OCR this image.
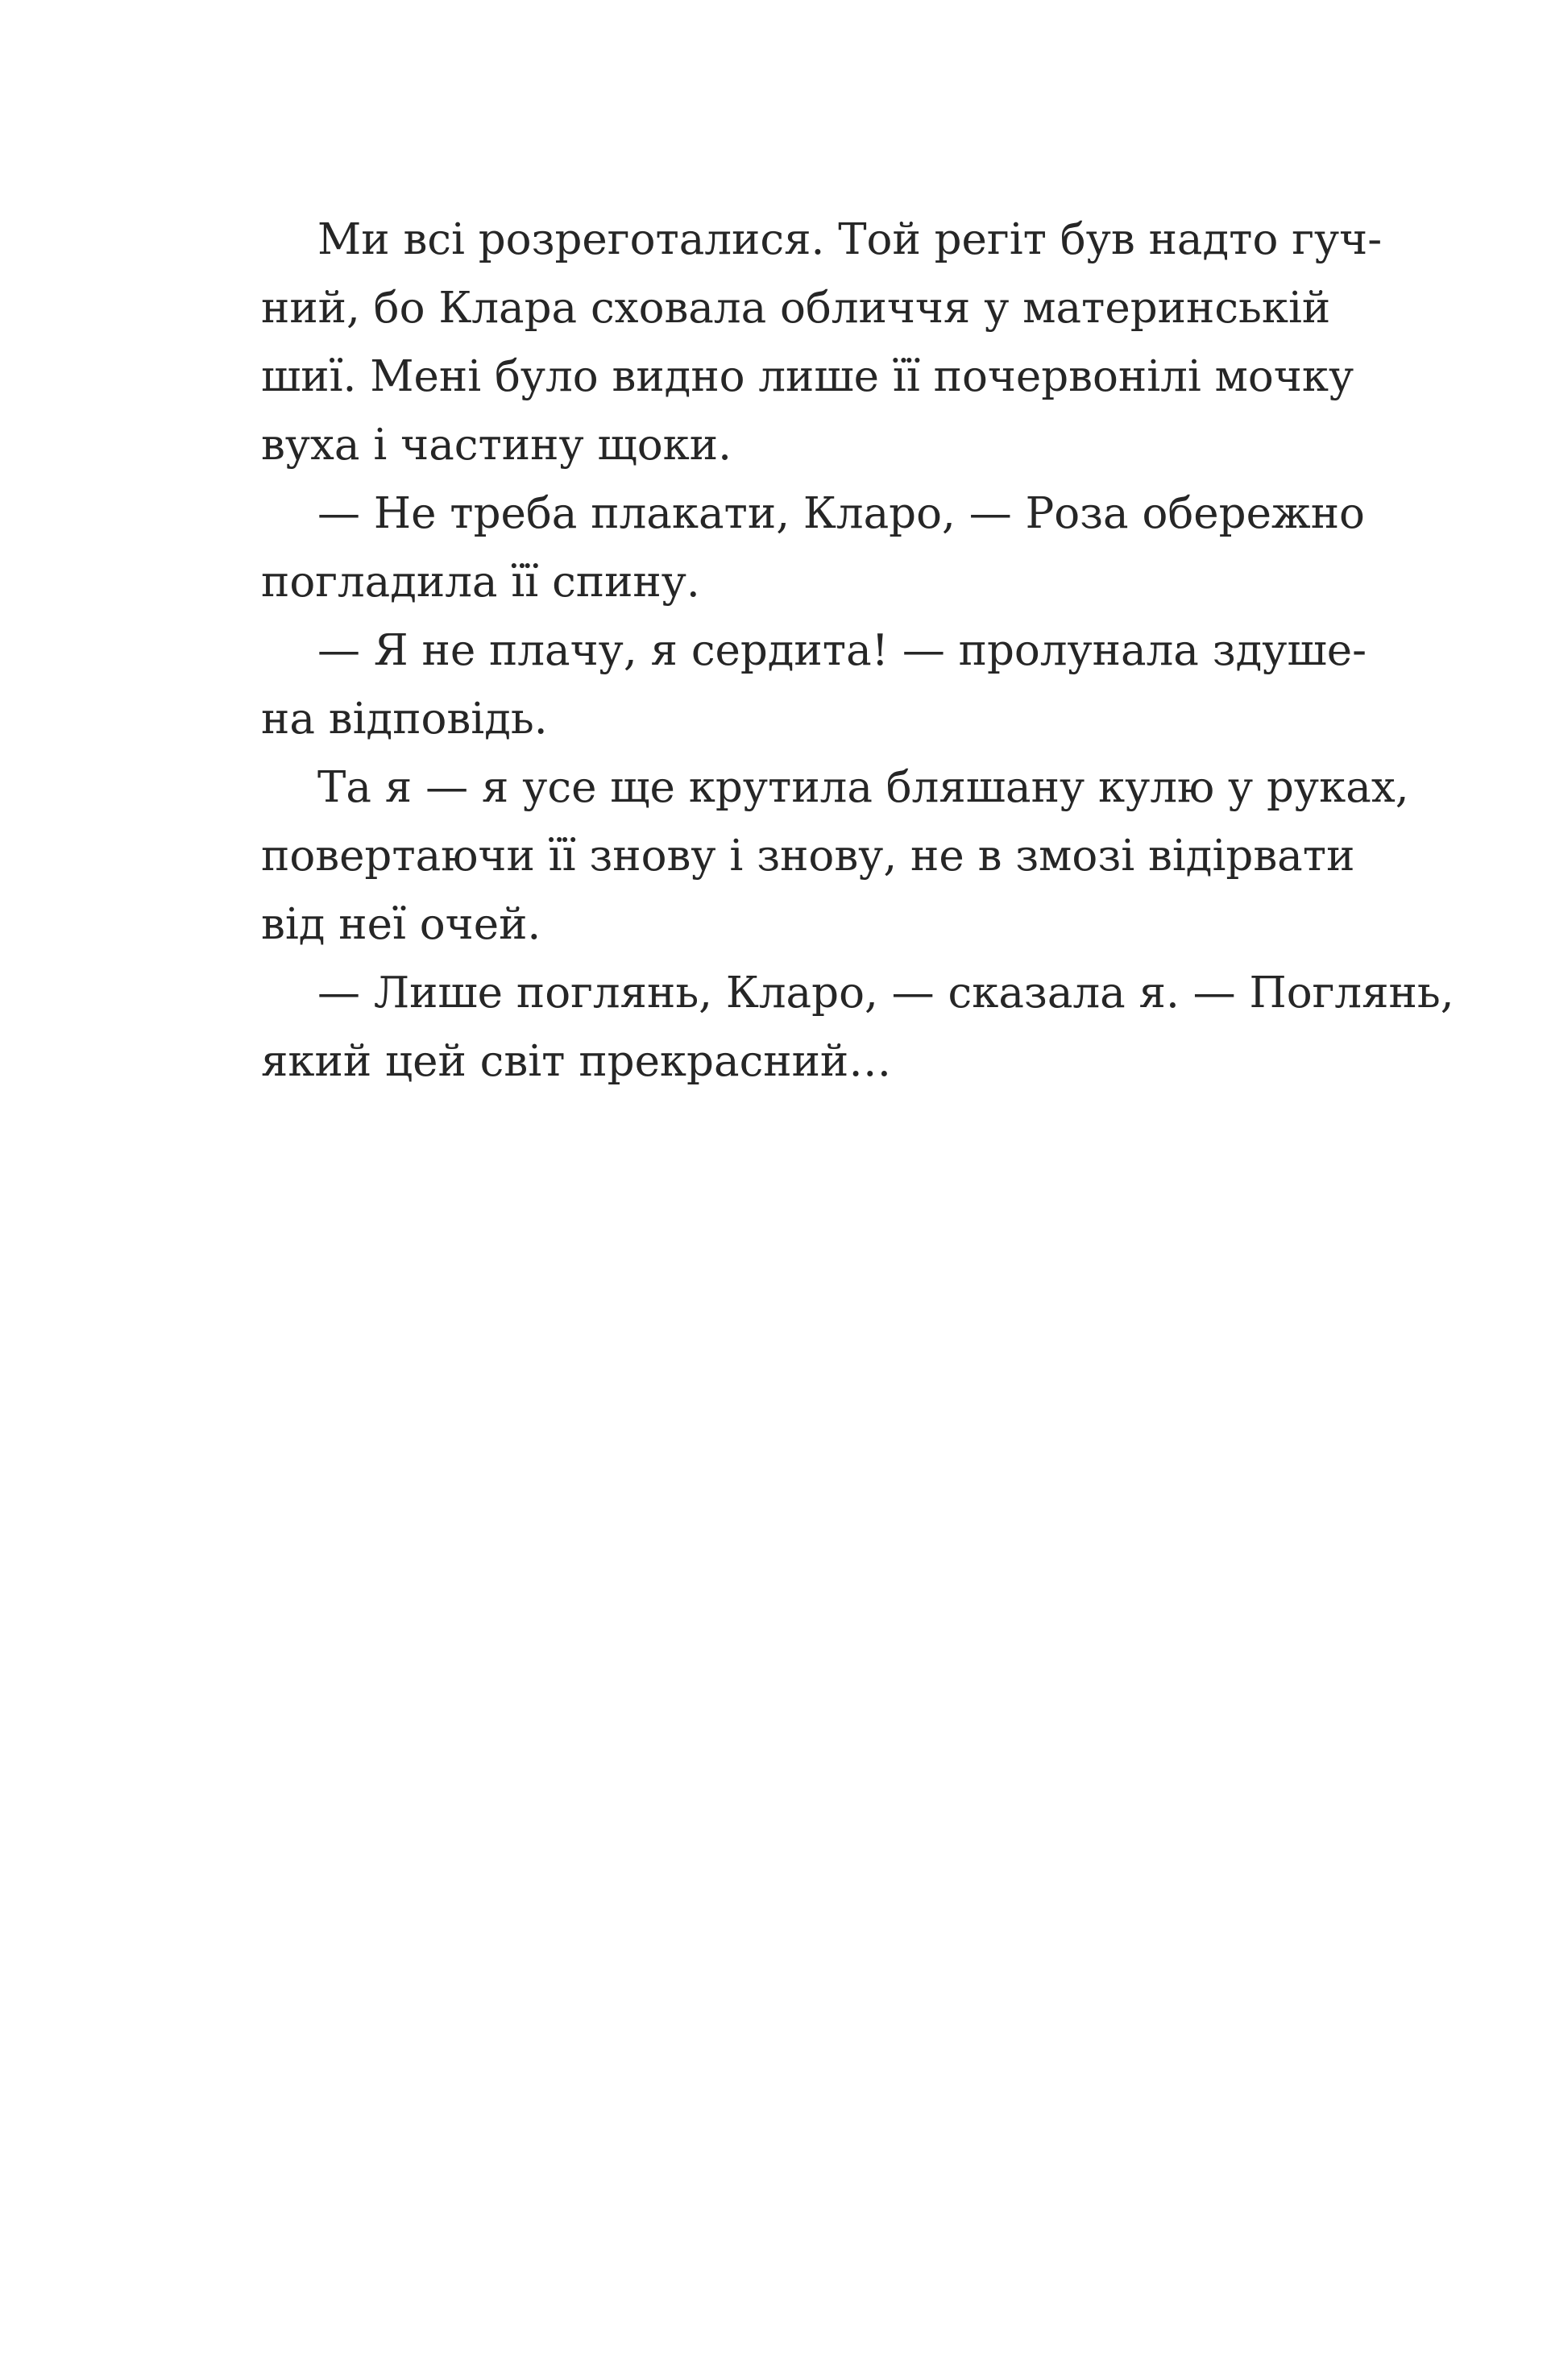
Ми всі розреготалися. Той регіт був надто гуч-
ний, бо Клара сховала обличчя у материнській
шиї. Мені було видно лише її почервонілі мочку
вуха і частину щоки.
— Не треба плакати, Кларо, — Роза обережно
погладила її спину.
— Я не плачу, я сердита! — пролунала здуше-
на відповідь.
Та я — я усе ще крутила бляшану кулю у руках,
повертаючи її знову і знову, не в змозі відірвати
від неї очей.
— Лише поглянь, Кларо, — сказала я. — Поглянь,
який цей світ прекрасний…
